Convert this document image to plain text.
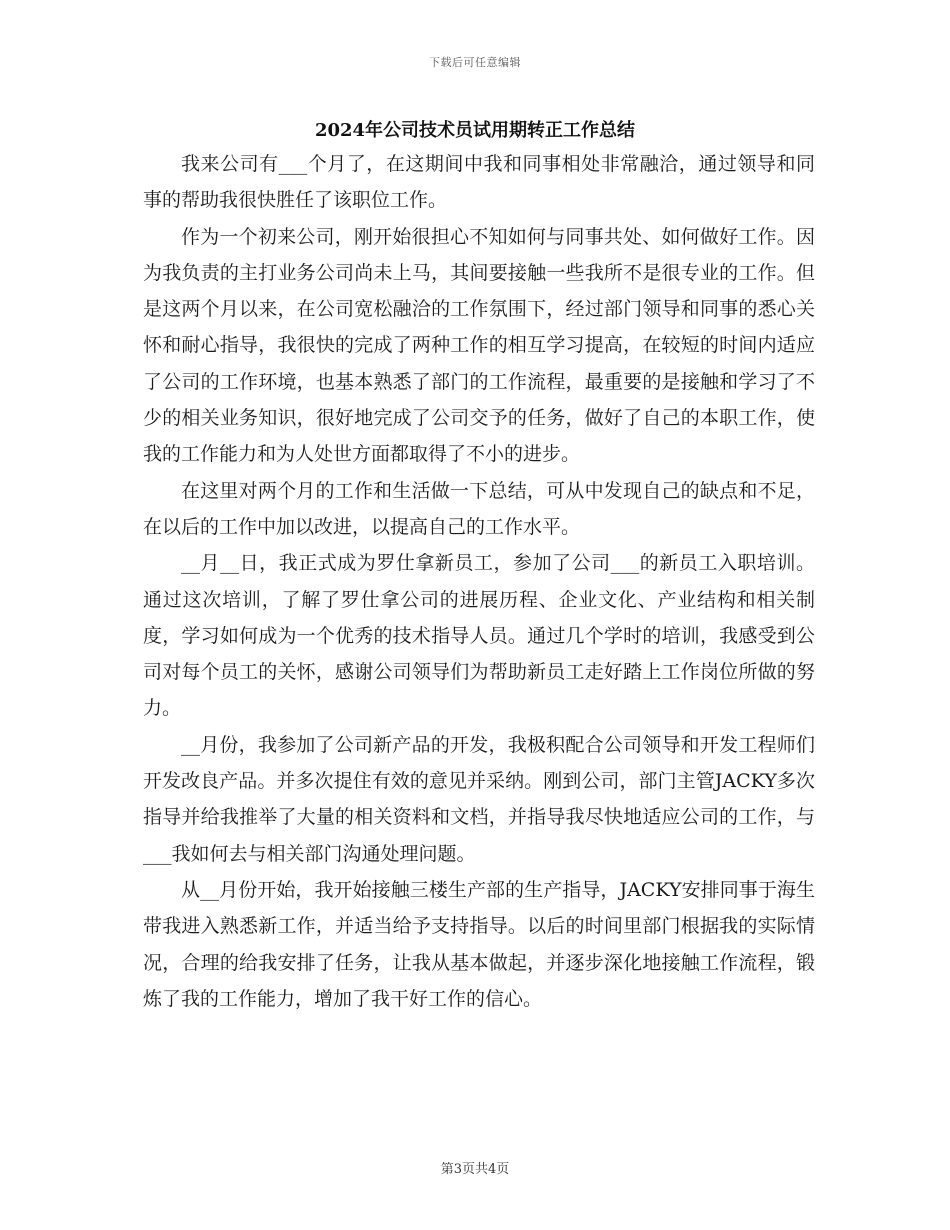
下载后可任意编辑
2024年公司技术员试用期转正工作总结

我来公司有___个月了，在这期间中我和同事相处非常融洽，通过领导和同事的帮助我很快胜任了该职位工作。

作为一个初来公司，刚开始很担心不知如何与同事共处、如何做好工作。因为我负责的主打业务公司尚未上马，其间要接触一些我所不是很专业的工作。但是这两个月以来，在公司宽松融洽的工作氛围下，经过部门领导和同事的悉心关怀和耐心指导，我很快的完成了两种工作的相互学习提高，在较短的时间内适应了公司的工作环境，也基本熟悉了部门的工作流程，最重要的是接触和学习了不少的相关业务知识，很好地完成了公司交予的任务，做好了自己的本职工作，使我的工作能力和为人处世方面都取得了不小的进步。

在这里对两个月的工作和生活做一下总结，可从中发现自己的缺点和不足，在以后的工作中加以改进，以提高自己的工作水平。

__月__日，我正式成为罗仕拿新员工，参加了公司___的新员工入职培训。通过这次培训，了解了罗仕拿公司的进展历程、企业文化、产业结构和相关制度，学习如何成为一个优秀的技术指导人员。通过几个学时的培训，我感受到公司对每个员工的关怀，感谢公司领导们为帮助新员工走好踏上工作岗位所做的努力。

__月份，我参加了公司新产品的开发，我极积配合公司领导和开发工程师们开发改良产品。并多次提住有效的意见并采纳。刚到公司，部门主管JACKY多次指导并给我推举了大量的相关资料和文档，并指导我尽快地适应公司的工作，与___我如何去与相关部门沟通处理问题。

从__月份开始，我开始接触三楼生产部的生产指导，JACKY安排同事于海生带我进入熟悉新工作，并适当给予支持指导。以后的时间里部门根据我的实际情况，合理的给我安排了任务，让我从基本做起，并逐步深化地接触工作流程，锻炼了我的工作能力，增加了我干好工作的信心。

第3页共4页
